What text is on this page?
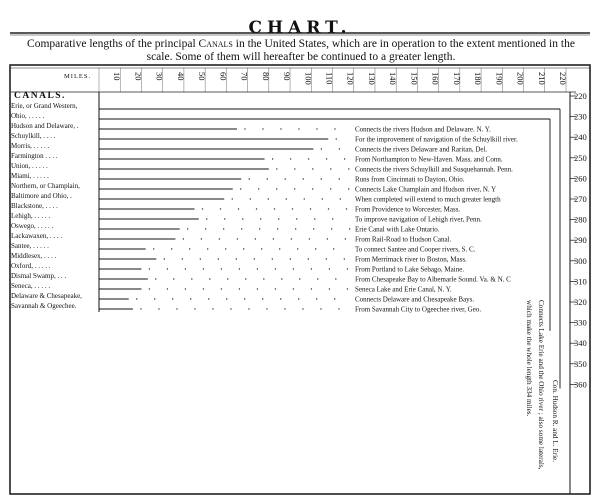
CHART.
Comparative lengths of the principal Canals in the United States, which are in operation to the extent mentioned in the scale. Some of them will hereafter be continued to a greater length.
10 20 30 40 50 60 70 80 90 100 110 120 130 140 150 160 170 180 190 200 210 220
MILES.
CANALS.	220
230
240
250
260
270
280
290
300
310
320
330
340
350
360
Erie, or Grand Western,
Ohio, . . . . .
Hudson and Delaware, .
Schuylkill, . . . .
Morris, . . . . .
Farmington . . . .
Union, . . . . .
Miami, . . . . .
Northern, or Champlain,
Baltimore and Ohio, .
Blackstone, . . . .
Lehigh, . . . . .
Oswego, . . . . .
Lackawaxen, . . . .
Santee, . . . . .
Middlesex, . . . .
Oxford, . . . . .
Dismal Swamp, . . .
Seneca, . . . . .
Delaware & Chesapeake,
Savannah & Ogeechee.
Connects the rivers Hudson and Delaware. N. Y.
For the improvement of navigation of the Schuylkill river.
Connects the rivers Delaware and Raritan, Del.
From Northampton to New-Haven. Mass. and Conn.
Connects the rivers Schuylkill and Susquehannah. Penn.
Runs from Cincinnati to Dayton, Ohio.
Connects Lake Champlain and Hudson river, N. Y
When completed will extend to much greater length
From Providence to Worcester, Mass.
To improve navigation of Lehigh river, Penn.
Erie Canal with Lake Ontario.
From Rail-Road to Hudson Canal.
To connect Santee and Cooper rivers, S. C.
From Merrimack river to Boston, Mass.
From Portland to Lake Sebago, Maine.
From Chesapeake Bay to Albemarle Sound. Va. & N. C
Seneca Lake and Erie Canal, N. Y.
Connects Delaware and Chesapeake Bays.
From Savannah City to Ogeechee river, Geo.	Connects Lake Erie and the Ohio river ; also some laterals,
which make the whole length 334 miles.
Con. Hudson R. and L. Erie.
